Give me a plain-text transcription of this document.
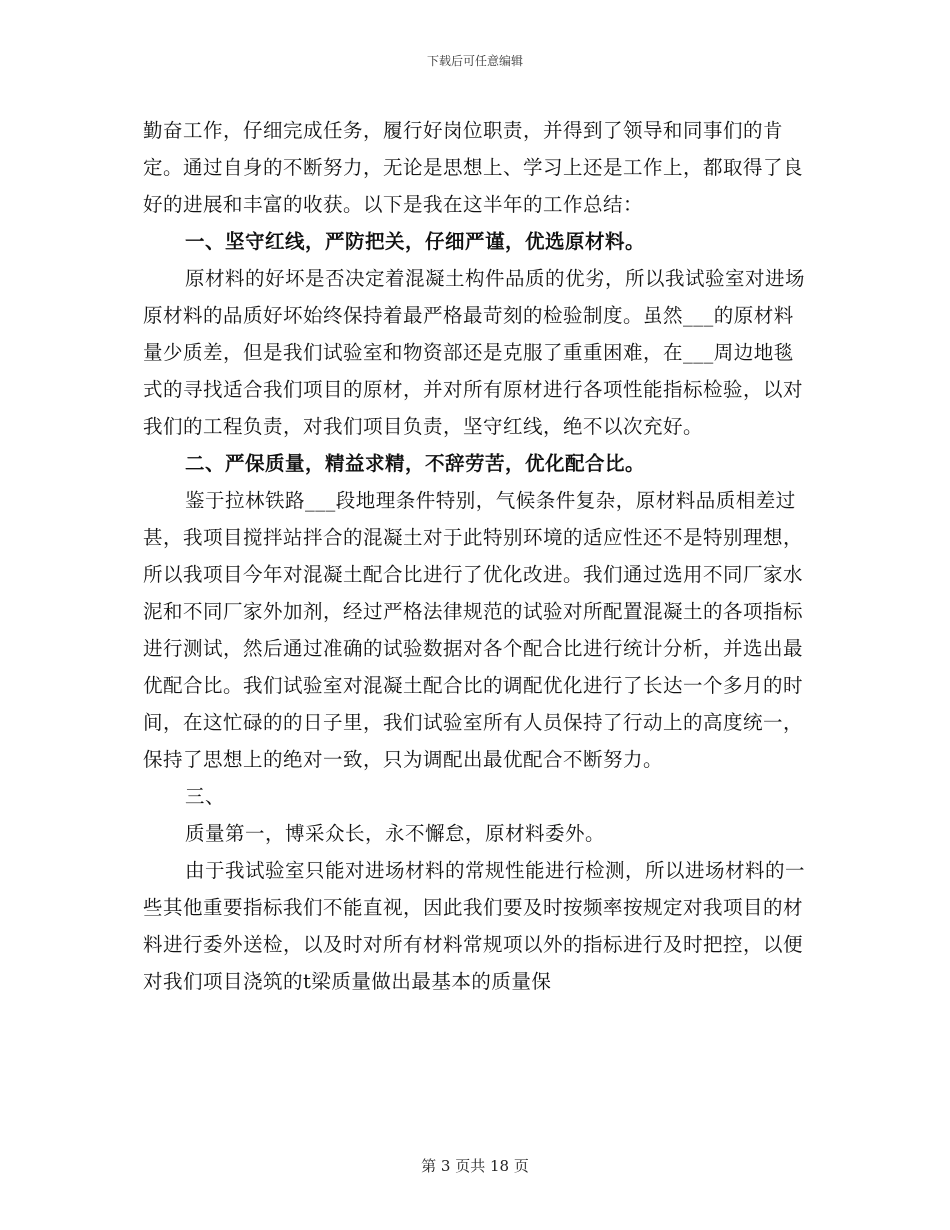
下载后可任意编辑

勤奋工作，仔细完成任务，履行好岗位职责，并得到了领导和同事们的肯定。通过自身的不断努力，无论是思想上、学习上还是工作上，都取得了良好的进展和丰富的收获。以下是我在这半年的工作总结：

一、坚守红线，严防把关，仔细严谨，优选原材料。

原材料的好坏是否决定着混凝土构件品质的优劣，所以我试验室对进场原材料的品质好坏始终保持着最严格最苛刻的检验制度。虽然___的原材料量少质差，但是我们试验室和物资部还是克服了重重困难，在___周边地毯式的寻找适合我们项目的原材，并对所有原材进行各项性能指标检验，以对我们的工程负责，对我们项目负责，坚守红线，绝不以次充好。

二、严保质量，精益求精，不辞劳苦，优化配合比。

鉴于拉林铁路___段地理条件特别，气候条件复杂，原材料品质相差过甚，我项目搅拌站拌合的混凝土对于此特别环境的适应性还不是特别理想，所以我项目今年对混凝土配合比进行了优化改进。我们通过选用不同厂家水泥和不同厂家外加剂，经过严格法律规范的试验对所配置混凝土的各项指标进行测试，然后通过准确的试验数据对各个配合比进行统计分析，并选出最优配合比。我们试验室对混凝土配合比的调配优化进行了长达一个多月的时间，在这忙碌的的日子里，我们试验室所有人员保持了行动上的高度统一，保持了思想上的绝对一致，只为调配出最优配合不断努力。

三、

质量第一，博采众长，永不懈怠，原材料委外。

由于我试验室只能对进场材料的常规性能进行检测，所以进场材料的一些其他重要指标我们不能直视，因此我们要及时按频率按规定对我项目的材料进行委外送检，以及时对所有材料常规项以外的指标进行及时把控，以便对我们项目浇筑的t梁质量做出最基本的质量保

第 3 页共 18 页
